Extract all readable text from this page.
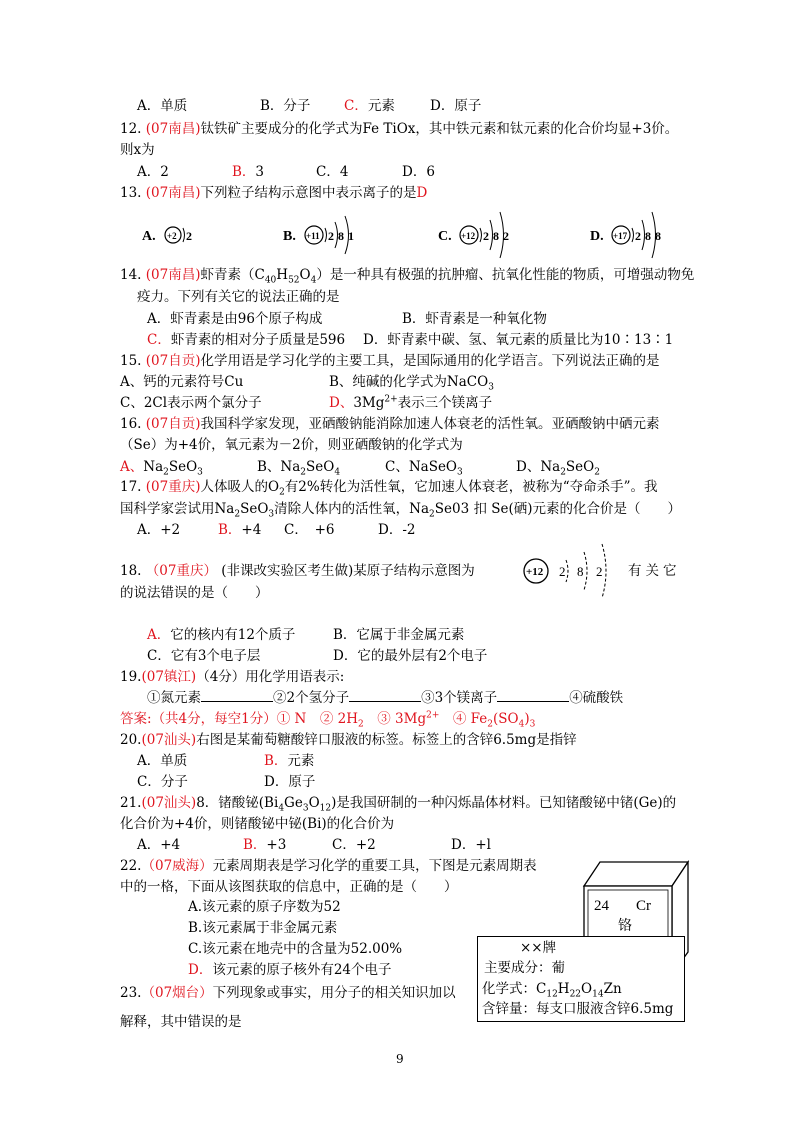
A．单质	B．分子 C．元素	D．原子
12. (07南昌)钛铁矿主要成分的化学式为Fe TiOx，其中铁元素和钛元素的化合价均显+3价。
则x为
A．2	B．3	C．4	D．6
13. (07南昌)下列粒子结构示意图中表示离子的是D
A. +2 2	B. +11 2 8 1	C. +12 2 8 2	D. +17 2 8 8
14. (07南昌)虾青素$(C_{40}H_{52}O_4)$是一种具有极强的抗肿瘤、抗氧化性能的物质，可增强动物免
疫力。下列有关它的说法正确的是
A．虾青素是由96个原子构成	B．虾青素是一种氧化物
C．虾青素的相对分子质量是596 D．虾青素中碳、氢、氧元素的质量比为10∶13∶1
15. (07自贡)化学用语是学习化学的主要工具，是国际通用的化学语言。下列说法正确的是
A、钙的元素符号Cu	B、纯碱的化学式为NaCO$_3$
C、2Cl表示两个氯分子	D、$3Mg^{2+}$表示三个镁离子
16. (07自贡)我国科学家发现，亚硒酸钠能消除加速人体衰老的活性氧。亚硒酸钠中硒元素
（Se）为+4价，氧元素为－2价，则亚硒酸钠的化学式为
A、$Na_2SeO_3$	B、$Na_2SeO_4$	C、NaSeO$_3$	D、$Na_2SeO_2$
17. (07重庆)人体吸人的$O_2$有2%转化为活性氧，它加速人体衰老，被称为“夺命杀手”。我
国科学家尝试用$Na_2SeO_3$清除人体内的活性氧，$Na_2Se03$ 扣 Se(硒)元素的化合价是（　　）
A．+2	B．+4 C．　+6	D．-2
18. （07重庆） (非课改实验区考生做)某原子结构示意图为	+12 2 8 2 有关它
的说法错误的是（　　）
A．它的核内有12个质子	B．它属于非金属元素
C．它有3个电子层	D．它的最外层有2个电子
19.(07镇江)（4分）用化学用语表示:
①氮元素	②2个氢分子	③3个镁离子	④硫酸铁
答案:（共4分，每空1分）① N　② $2H_2$　③ $3Mg^{2+}$　④ $Fe_2(SO_4)_3$
20.(07汕头)右图是某葡萄糖酸锌口服液的标签。标签上的含锌6.5mg是指锌
A．单质	B．元素
C．分子	D．原子
21.(07汕头)8．锗酸铋$(Bi_4Ge_3O_{12})$是我国研制的一种闪烁晶体材料。已知锗酸铋中锗(Ge)的
化合价为+4价，则锗酸铋中铋(Bi)的化合价为
A．+4	B．+3	C．+2	D．+l
22.（07威海）元素周期表是学习化学的重要工具，下图是元素周期表
中的一格，下面从该图获取的信息中，正确的是（　　）
A.该元素的原子序数为52
B.该元素属于非金属元素
C.该元素在地壳中的含量为52.00%
D．该元素的原子核外有24个电子
23.（07烟台）下列现象或事实，用分子的相关知识加以
解释，其中错误的是
24 Cr
铬
××牌
主要成分：葡
化学式：$C_{12}H_{22}O_{14}Zn$
含锌量：每支口服液含锌6.5mg
9
